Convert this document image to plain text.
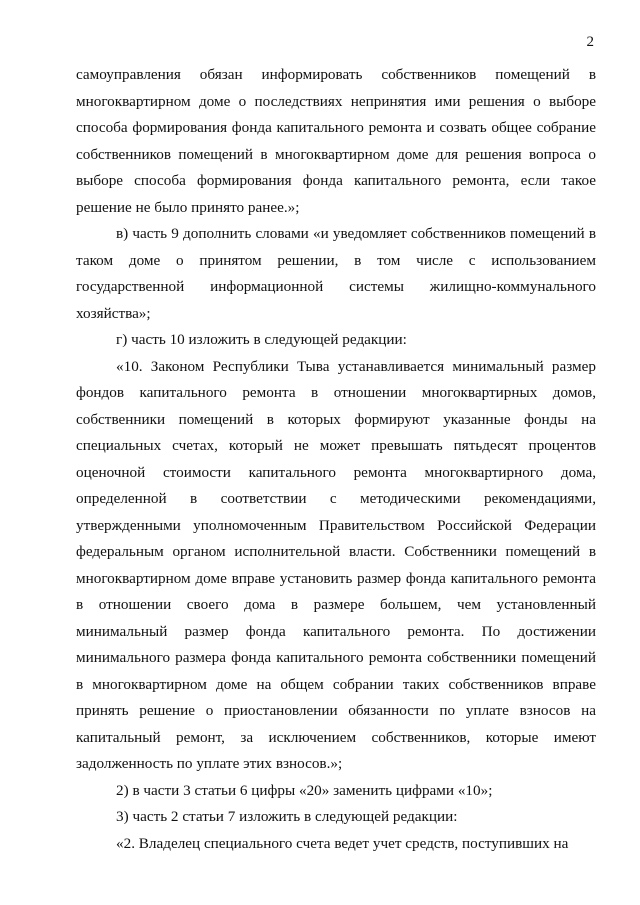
2

самоуправления обязан информировать собственников помещений в многоквартирном доме о последствиях непринятия ими решения о выборе способа формирования фонда капитального ремонта и созвать общее собрание собственников помещений в многоквартирном доме для решения вопроса о выборе способа формирования фонда капитального ремонта, если такое решение не было принято ранее.»;

в) часть 9 дополнить словами «и уведомляет собственников помещений в таком доме о принятом решении, в том числе с использованием государственной информационной системы жилищно-коммунального хозяйства»;

г) часть 10 изложить в следующей редакции:

«10. Законом Республики Тыва устанавливается минимальный размер фондов капитального ремонта в отношении многоквартирных домов, собственники помещений в которых формируют указанные фонды на специальных счетах, который не может превышать пятьдесят процентов оценочной стоимости капитального ремонта многоквартирного дома, определенной в соответствии с методическими рекомендациями, утвержденными уполномоченным Правительством Российской Федерации федеральным органом исполнительной власти. Собственники помещений в многоквартирном доме вправе установить размер фонда капитального ремонта в отношении своего дома в размере большем, чем установленный минимальный размер фонда капитального ремонта. По достижении минимального размера фонда капитального ремонта собственники помещений в многоквартирном доме на общем собрании таких собственников вправе принять решение о приостановлении обязанности по уплате взносов на капитальный ремонт, за исключением собственников, которые имеют задолженность по уплате этих взносов.»;

2) в части 3 статьи 6 цифры «20» заменить цифрами «10»;

3) часть 2 статьи 7 изложить в следующей редакции:

«2. Владелец специального счета ведет учет средств, поступивших на
